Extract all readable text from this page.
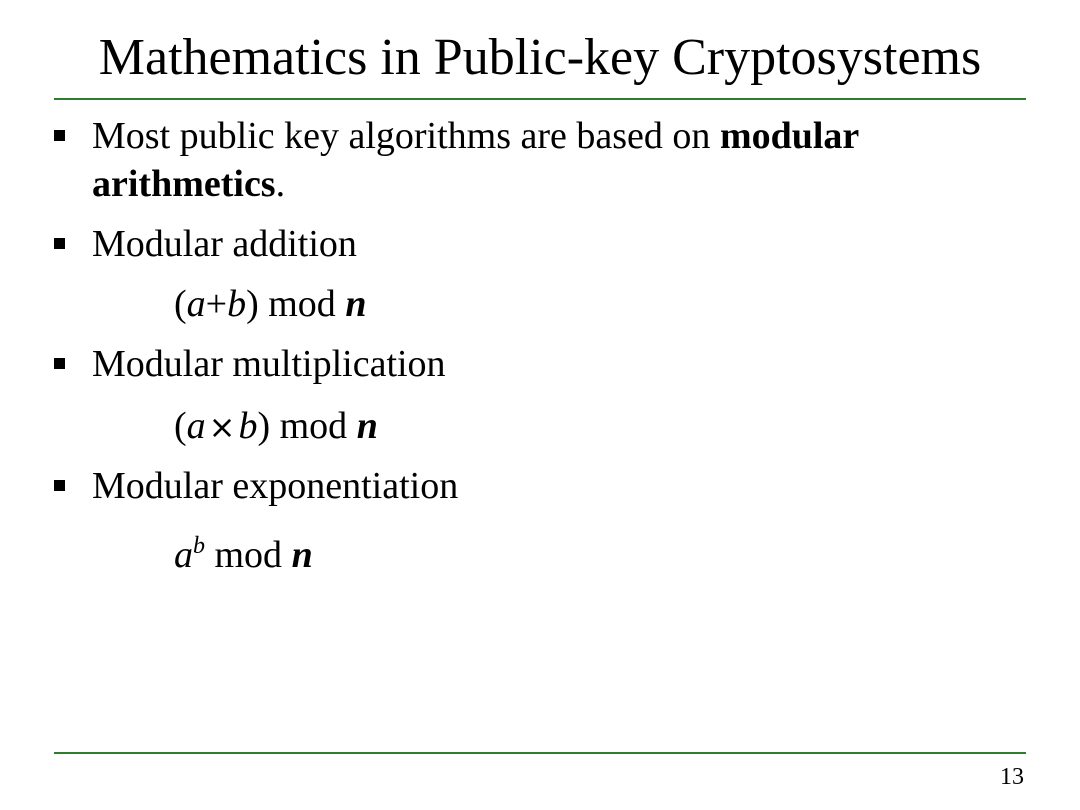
Mathematics in Public-key Cryptosystems
Most public key algorithms are based on modular
arithmetics.
Modular addition
(a+b) mod n
Modular multiplication
(a×b) mod n
Modular exponentiation
$a^b$ mod n
13
